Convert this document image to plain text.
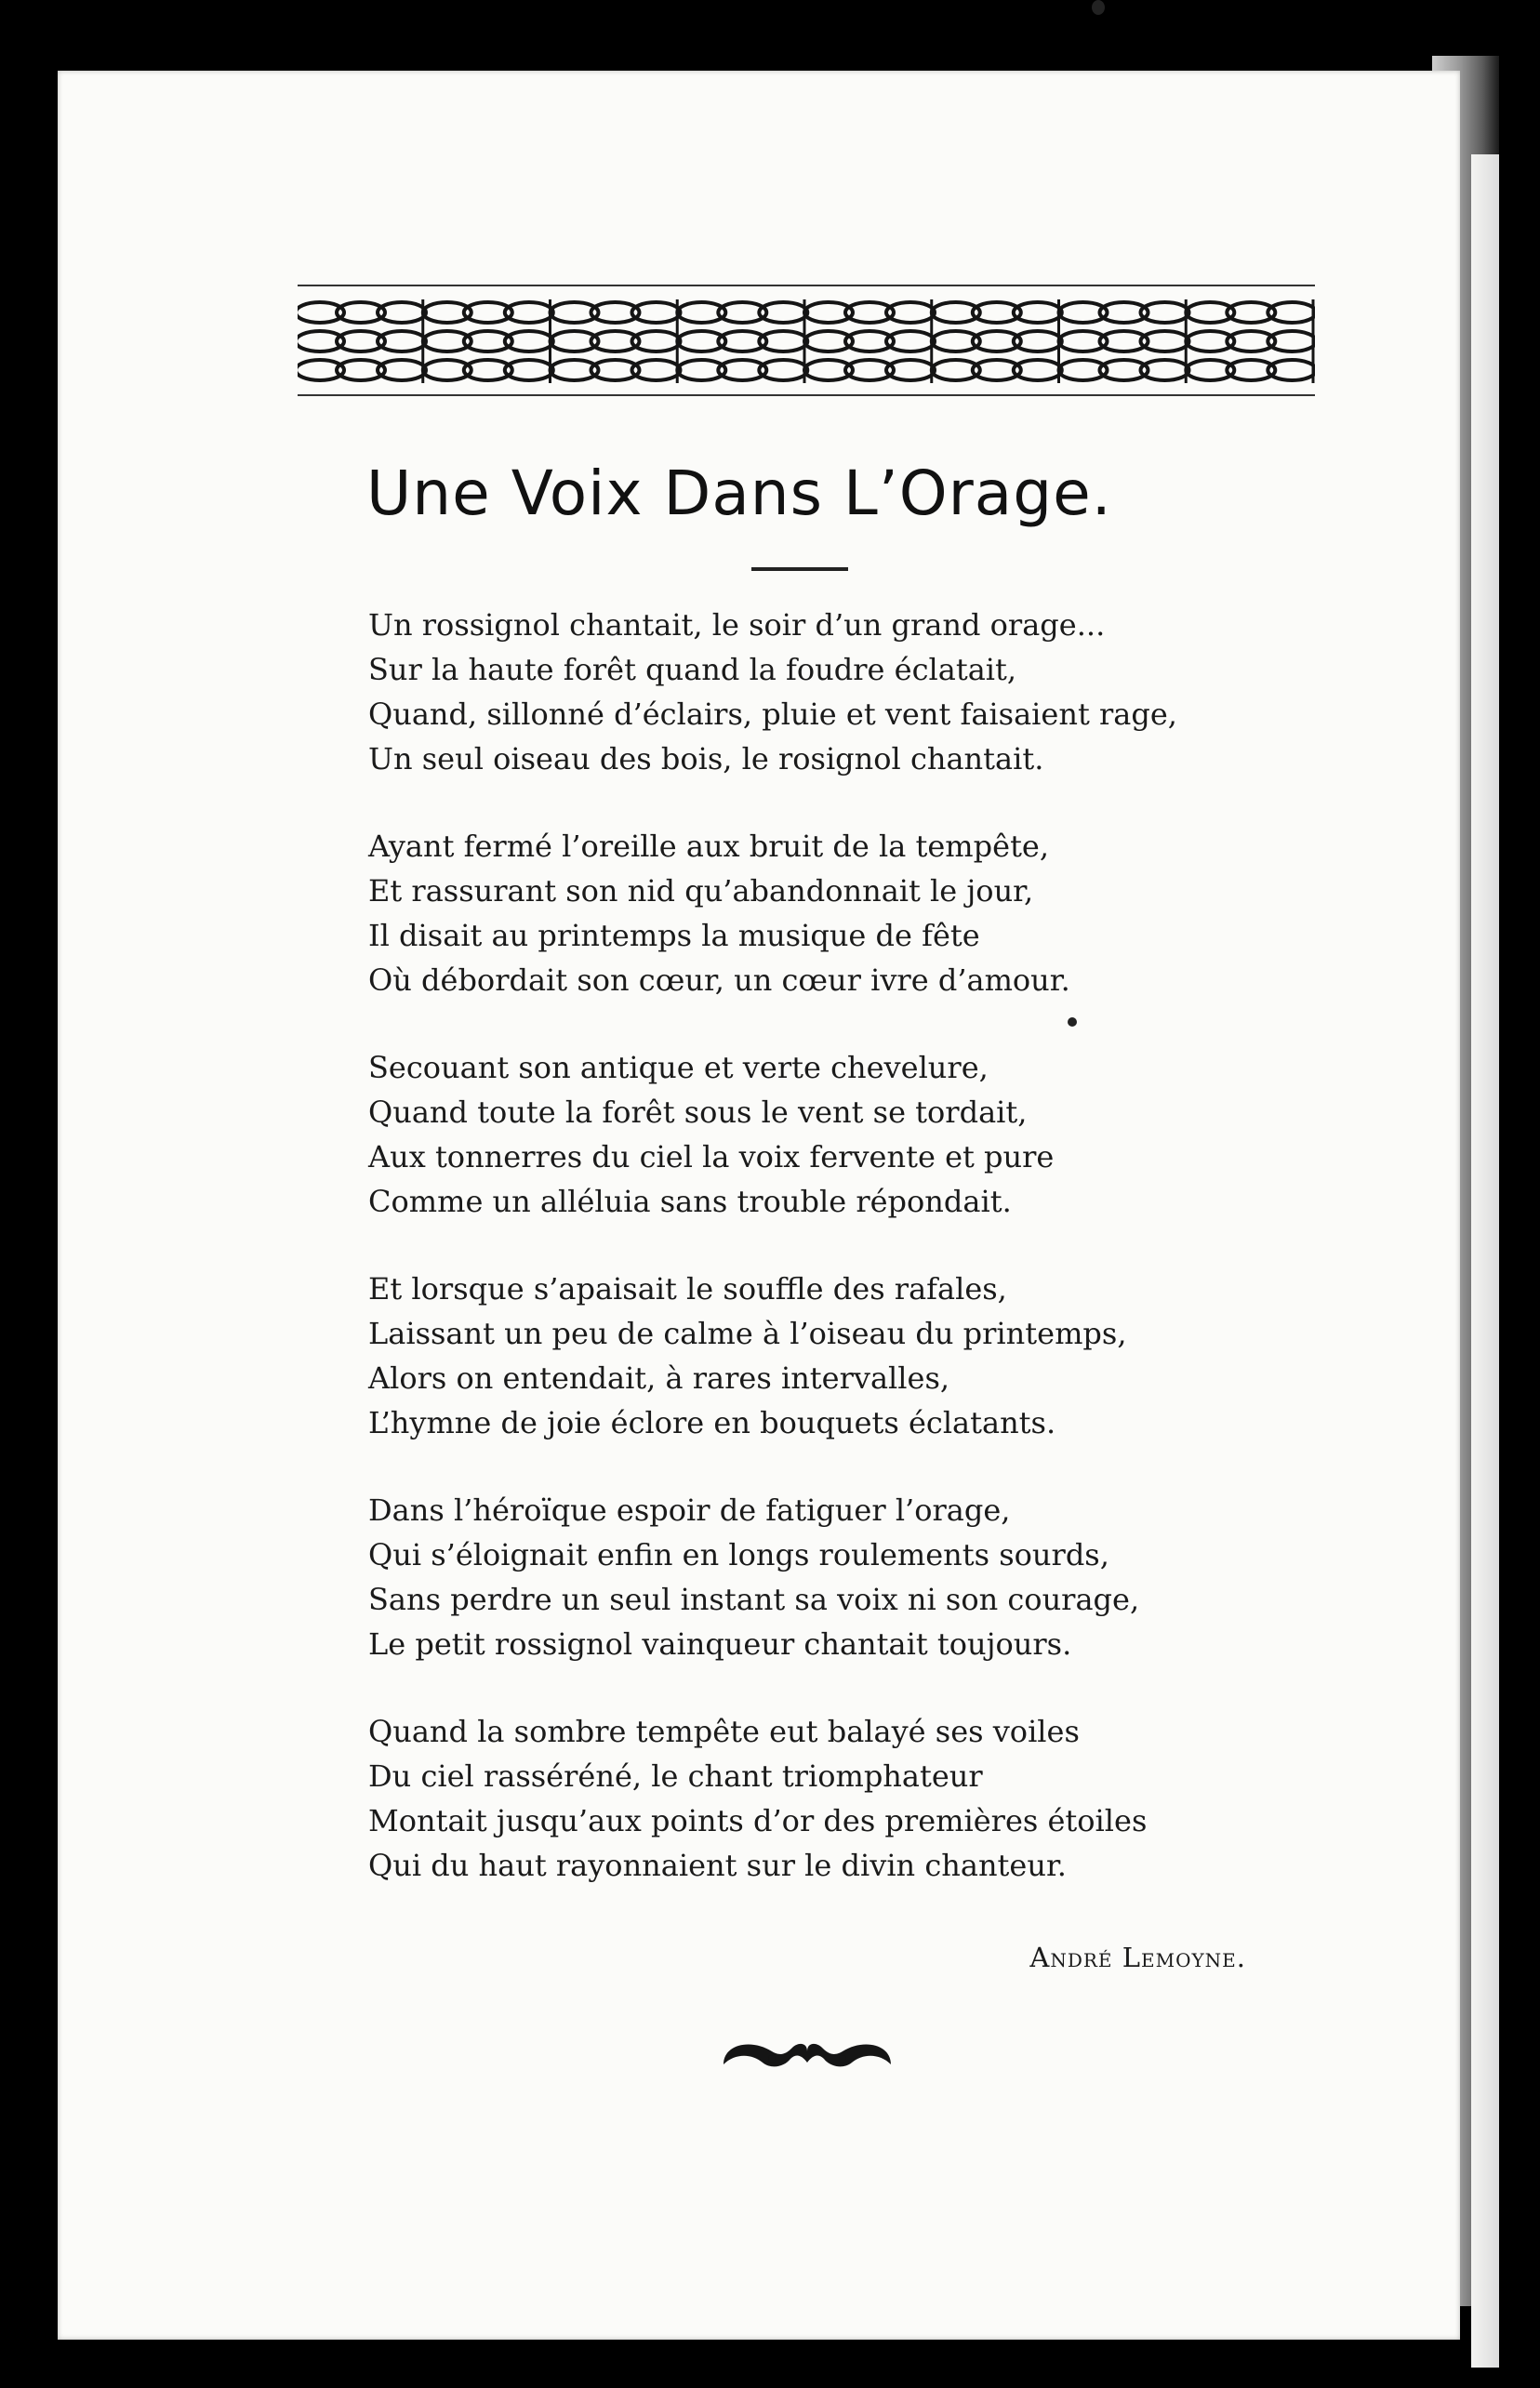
Une Voix Dans L’Orage.
Un rossignol chantait, le soir d’un grand orage...
Sur la haute forêt quand la foudre éclatait,
Quand, sillonné d’éclairs, pluie et vent faisaient rage,
Un seul oiseau des bois, le rosignol chantait.
Ayant fermé l’oreille aux bruit de la tempête,
Et rassurant son nid qu’abandonnait le jour,
Il disait au printemps la musique de fête
Où débordait son cœur, un cœur ivre d’amour.
Secouant son antique et verte chevelure,
Quand toute la forêt sous le vent se tordait,
Aux tonnerres du ciel la voix fervente et pure
Comme un alléluia sans trouble répondait.
Et lorsque s’apaisait le souffle des rafales,
Laissant un peu de calme à l’oiseau du printemps,
Alors on entendait, à rares intervalles,
L’hymne de joie éclore en bouquets éclatants.
Dans l’héroïque espoir de fatiguer l’orage,
Qui s’éloignait enfin en longs roulements sourds,
Sans perdre un seul instant sa voix ni son courage,
Le petit rossignol vainqueur chantait toujours.
Quand la sombre tempête eut balayé ses voiles
Du ciel rasséréné, le chant triomphateur
Montait jusqu’aux points d’or des premières étoiles
Qui du haut rayonnaient sur le divin chanteur.
André Lemoyne.
